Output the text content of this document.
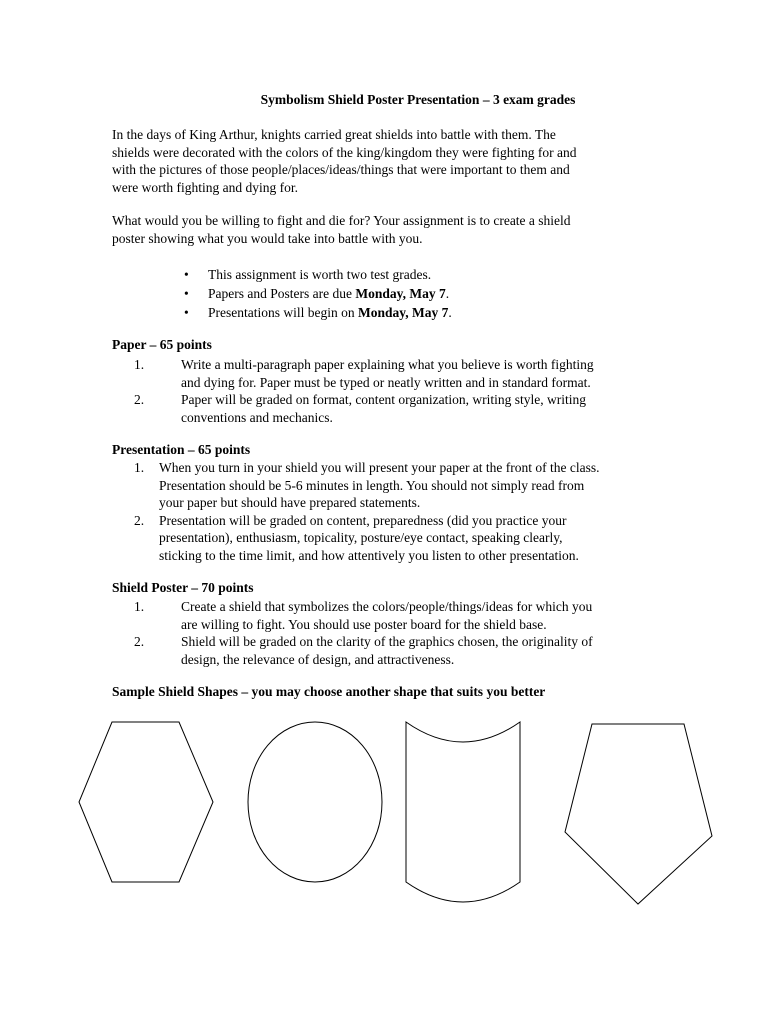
Symbolism Shield Poster Presentation – 3 exam grades
In the days of King Arthur, knights carried great shields into battle with them. The
shields were decorated with the colors of the king/kingdom they were fighting for and
with the pictures of those people/places/ideas/things that were important to them and
were worth fighting and dying for.
What would you be willing to fight and die for? Your assignment is to create a shield
poster showing what you would take into battle with you.
• This assignment is worth two test grades.
• Papers and Posters are due Monday, May 7.
• Presentations will begin on Monday, May 7.
Paper – 65 points
1.	Write a multi-paragraph paper explaining what you believe is worth fighting
and dying for. Paper must be typed or neatly written and in standard format.
2.	Paper will be graded on format, content organization, writing style, writing
conventions and mechanics.
Presentation – 65 points
1. When you turn in your shield you will present your paper at the front of the class.
Presentation should be 5-6 minutes in length. You should not simply read from
your paper but should have prepared statements.
2. Presentation will be graded on content, preparedness (did you practice your
presentation), enthusiasm, topicality, posture/eye contact, speaking clearly,
sticking to the time limit, and how attentively you listen to other presentation.
Shield Poster – 70 points
1.	Create a shield that symbolizes the colors/people/things/ideas for which you
are willing to fight. You should use poster board for the shield base.
2.	Shield will be graded on the clarity of the graphics chosen, the originality of
design, the relevance of design, and attractiveness.
Sample Shield Shapes – you may choose another shape that suits you better
